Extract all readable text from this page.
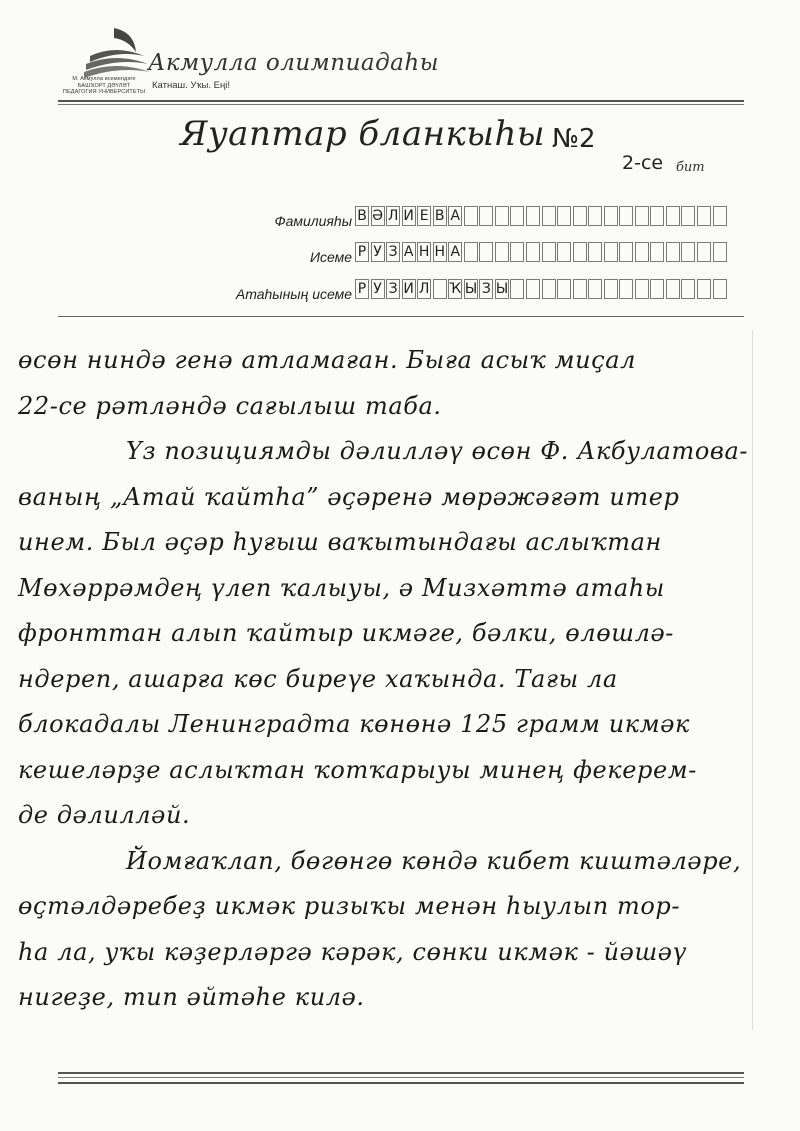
Акмулла олимпиадаһы
Катнаш. Уҡы. Еңі!
М. Акмулла исемендәге
БАШҠОРТ ДӘҮЛӘТ
ПЕДАГОГИЯ УНИВЕРСИТЕТЫ
Яуаптар бланкыһы №2
2-се бит
Фамилияһы В Ә Л И Е В А
Исеме Р У З А Н Н А
Атаһының исеме Р У З И Л Ҡ Ы З Ы
өсөн ниндә генә атламаған. Быға асыҡ миҫал
22-се рәтләндә сағылыш таба.
Үз позициямды дәлилләү өсөн Ф. Акбулатова-
ваның „Атай ҡайтһа” әҫәренә мөрәжәғәт итер
инем. Был әҫәр һуғыш ваҡытындағы аслыҡтан
Мөхәррәмдең үлеп ҡалыуы, ә Мизхәттә атаһы
фронттан алып ҡайтыр икмәге, бәлки, өлөшлә-
ндереп, ашарға көс биреүе хаҡында. Тағы ла
блокадалы Ленинградта көнөнә 125 грамм икмәк
кешеләрҙе аслыҡтан ҡотҡарыуы минең фекерем-
де дәлилләй.
Йомғаҡлап, бөгөнгө көндә кибет киштәләре,
өҫтәлдәребеҙ икмәк ризыҡы менән һыулып тор-
һа ла, уҡы кәҙерләргә кәрәк, сөнки икмәк - йәшәү
нигеҙе, тип әйтәһе килә.
